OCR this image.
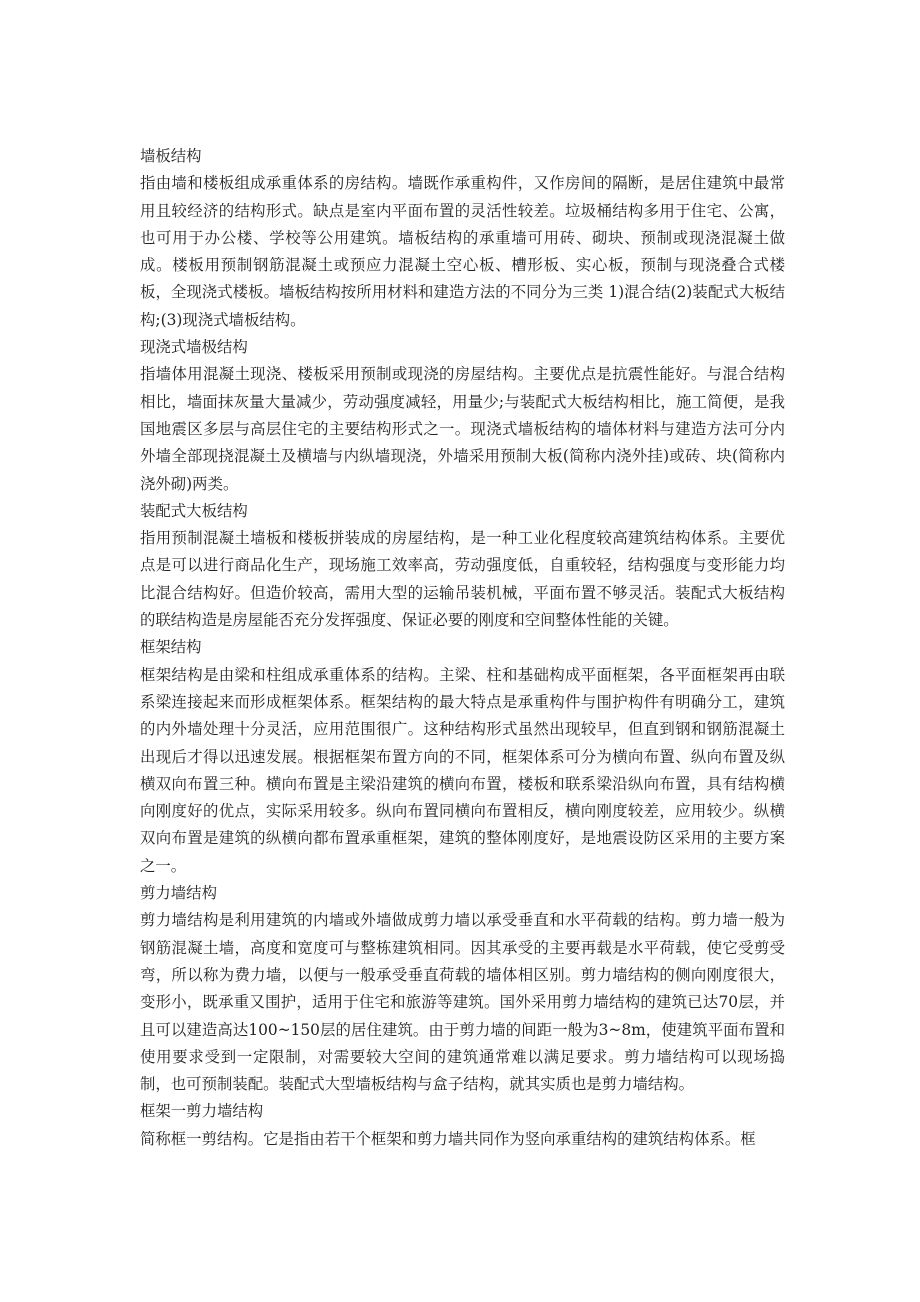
墙板结构

指由墙和楼板组成承重体系的房结构。墙既作承重构件，又作房间的隔断，是居住建筑中最常用且较经济的结构形式。缺点是室内平面布置的灵活性较差。垃圾桶结构多用于住宅、公寓，也可用于办公楼、学校等公用建筑。墙板结构的承重墙可用砖、砌块、预制或现浇混凝土做成。楼板用预制钢筋混凝土或预应力混凝土空心板、槽形板、实心板，预制与现浇叠合式楼板，全现浇式楼板。墙板结构按所用材料和建造方法的不同分为三类 1)混合结(2)装配式大板结构;(3)现浇式墙板结构。

现浇式墙极结构

指墙体用混凝土现浇、楼板采用预制或现浇的房屋结构。主要优点是抗震性能好。与混合结构相比，墙面抹灰量大量减少，劳动强度减轻，用量少;与装配式大板结构相比，施工简便，是我国地震区多层与高层住宅的主要结构形式之一。现浇式墙板结构的墙体材料与建造方法可分内外墙全部现挠混凝土及横墙与内纵墙现浇，外墙采用预制大板(简称内浇外挂)或砖、块(简称内浇外砌)两类。

装配式大板结构

指用预制混凝土墙板和楼板拼装成的房屋结构，是一种工业化程度较高建筑结构体系。主要优点是可以进行商品化生产，现场施工效率高，劳动强度低，自重较轻，结构强度与变形能力均比混合结构好。但造价较高，需用大型的运输吊装机械，平面布置不够灵活。装配式大板结构的联结构造是房屋能否充分发挥强度、保证必要的刚度和空间整体性能的关键。

框架结构

框架结构是由梁和柱组成承重体系的结构。主梁、柱和基础构成平面框架，各平面框架再由联系梁连接起来而形成框架体系。框架结构的最大特点是承重构件与围护构件有明确分工，建筑的内外墙处理十分灵活，应用范围很广。这种结构形式虽然出现较早，但直到钢和钢筋混凝土出现后才得以迅速发展。根据框架布置方向的不同，框架体系可分为横向布置、纵向布置及纵横双向布置三种。横向布置是主梁沿建筑的横向布置，楼板和联系梁沿纵向布置，具有结构横向刚度好的优点，实际采用较多。纵向布置同横向布置相反，横向刚度较差，应用较少。纵横双向布置是建筑的纵横向都布置承重框架，建筑的整体刚度好，是地震设防区采用的主要方案之一。

剪力墙结构

剪力墙结构是利用建筑的内墙或外墙做成剪力墙以承受垂直和水平荷载的结构。剪力墙一般为钢筋混凝土墙，高度和宽度可与整栋建筑相同。因其承受的主要再载是水平荷载，使它受剪受弯，所以称为费力墙，以便与一般承受垂直荷载的墙体相区别。剪力墙结构的侧向刚度很大，变形小，既承重又围护，适用于住宅和旅游等建筑。国外采用剪力墙结构的建筑已达70层，并且可以建造高达100~150层的居住建筑。由于剪力墙的间距一般为3~8m，使建筑平面布置和使用要求受到一定限制，对需要较大空间的建筑通常难以满足要求。剪力墙结构可以现场捣制，也可预制装配。装配式大型墙板结构与盒子结构，就其实质也是剪力墙结构。

框架一剪力墙结构

简称框一剪结构。它是指由若干个框架和剪力墙共同作为竖向承重结构的建筑结构体系。框
